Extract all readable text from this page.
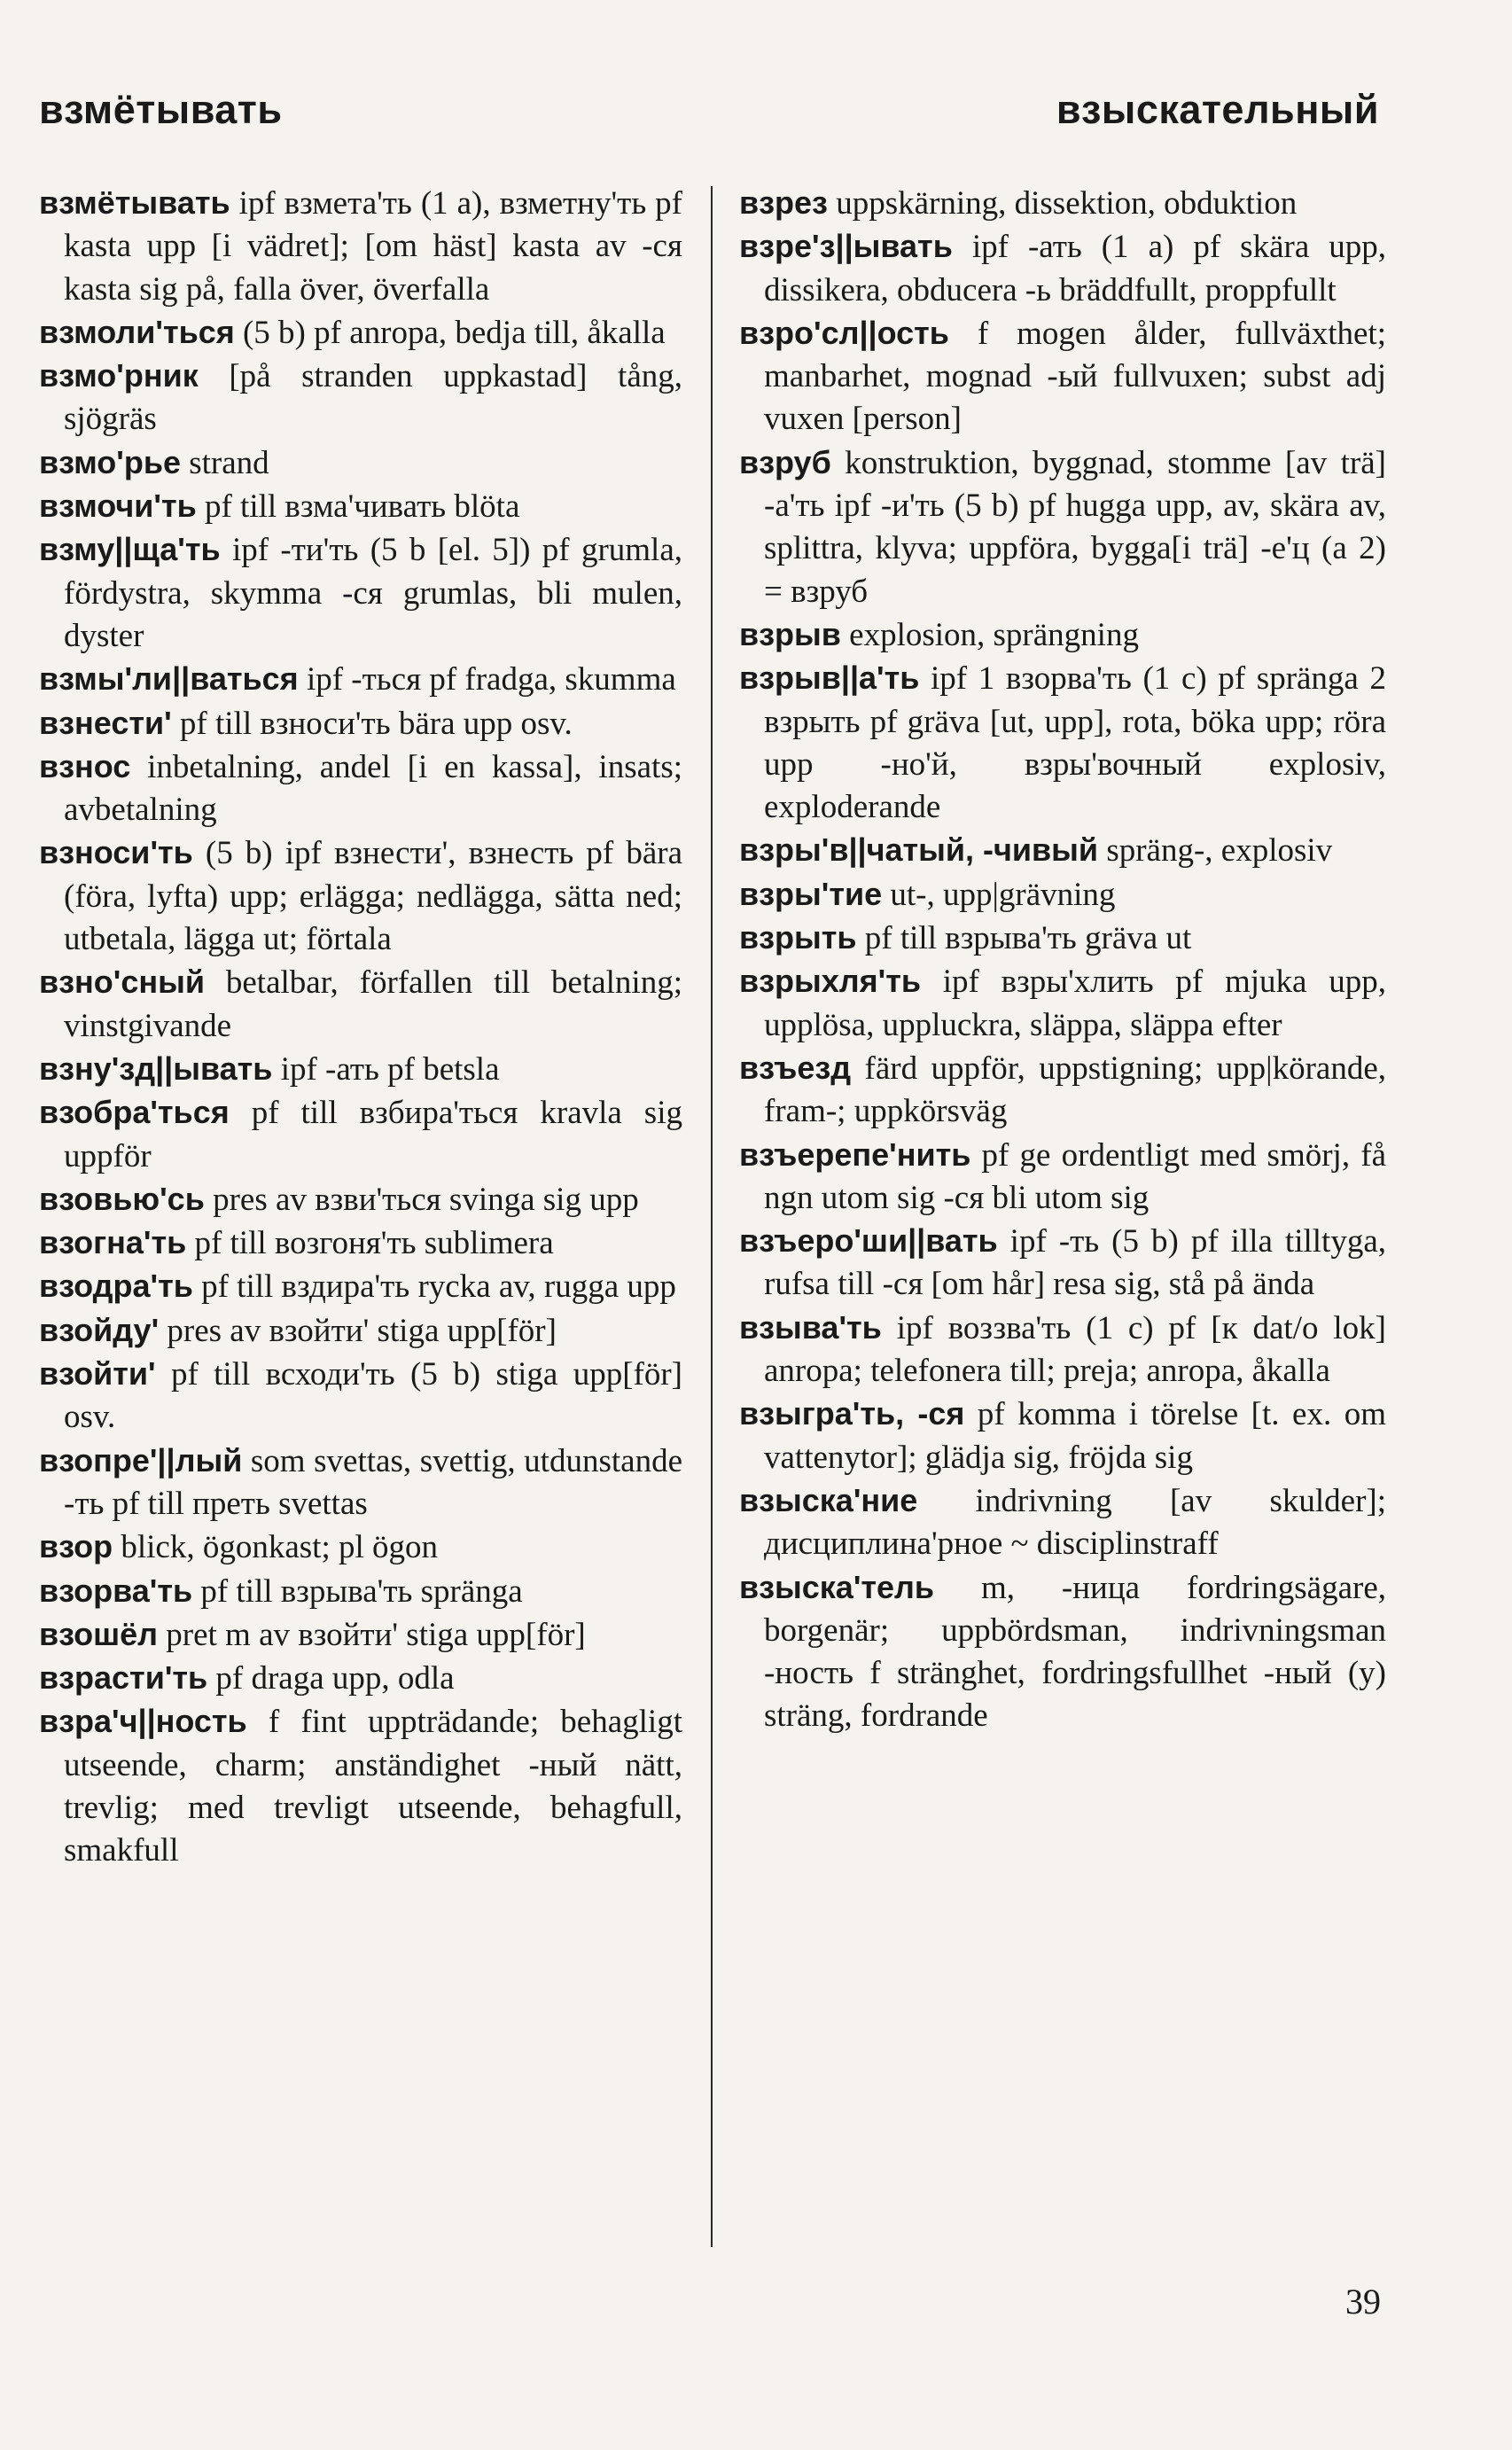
взмётывать	взыскательный

взмётывать ipf взмета'ть (1 a), взметну'ть pf kasta upp [i vädret]; [om häst] kasta av -ся kasta sig på, falla över, överfalla

взмоли'ться (5 b) pf anropa, bedja till, åkalla

взмо'рник [på stranden uppkastad] tång, sjögräs

взмо'рье strand

взмочи'ть pf till взма'чивать blöta

взму||ща'ть ipf -ти'ть (5 b [el. 5]) pf grumla, fördystra, skymma -ся grumlas, bli mulen, dyster

взмы'ли||ваться ipf -ться pf fradga, skumma

взнести' pf till взноси'ть bära upp osv.

взнос inbetalning, andel [i en kassa], insats; avbetalning

взноси'ть (5 b) ipf взнести', взнесть pf bära (föra, lyfta) upp; erlägga; nedlägga, sätta ned; utbetala, lägga ut; förtala

взно'сный betalbar, förfallen till betalning; vinstgivande

взну'зд||ывать ipf -ать pf betsla

взобра'ться pf till взбира'ться kravla sig uppför

взовью'сь pres av взви'ться svinga sig upp

взогна'ть pf till возгоня'ть sublimera

взодра'ть pf till вздира'ть rycka av, rugga upp

взойду' pres av взойти' stiga upp[för]

взойти' pf till всходи'ть (5 b) stiga upp[för] osv.

взопре'||лый som svettas, svettig, utdunstande -ть pf till преть svettas

взор blick, ögonkast; pl ögon

взорва'ть pf till взрыва'ть spränga

взошёл pret m av взойти' stiga upp[för]

взрасти'ть pf draga upp, odla

взра'ч||ность f fint uppträdande; behagligt utseende, charm; anständighet -ный nätt, trevlig; med trevligt utseende, behagfull, smakfull

взрез uppskärning, dissektion, obduktion

взре'з||ывать ipf -ать (1 a) pf skära upp, dissikera, obducera -ь bräddfullt, proppfullt

взро'сл||ость f mogen ålder, fullväxthet; manbarhet, mognad -ый fullvuxen; subst adj vuxen [person]

взруб konstruktion, byggnad, stomme [av trä] -а'ть ipf -и'ть (5 b) pf hugga upp, av, skära av, splittra, klyva; uppföra, bygga[i trä] -е'ц (a 2) = взруб

взрыв explosion, sprängning

взрыв||а'ть ipf 1 взорва'ть (1 c) pf spränga 2 взрыть pf gräva [ut, upp], rota, böka upp; röra upp -но'й, взры'вочный explosiv, exploderande

взры'в||чатый, -чивый spräng-, explosiv

взры'тие ut-, upp|grävning

взрыть pf till взрыва'ть gräva ut

взрыхля'ть ipf взры'хлить pf mjuka upp, upplösa, uppluckra, släppa, släppa efter

взъезд färd uppför, uppstigning; upp|körande, fram-; uppkörsväg

взъерепе'нить pf ge ordentligt med smörj, få ngn utom sig -ся bli utom sig

взъеро'ши||вать ipf -ть (5 b) pf illa tilltyga, rufsa till -ся [om hår] resa sig, stå på ända

взыва'ть ipf воззва'ть (1 c) pf [к dat/o lok] anropa; telefonera till; preja; anropa, åkalla

взыгра'ть, -ся pf komma i törelse [t. ex. om vattenytor]; glädja sig, fröjda sig

взыска'ние indrivning [av skulder]; дисциплина'рное ~ disciplinstraff

взыска'тель m, -ница fordringsägare, borgenär; uppbördsman, indrivningsman -ность f stränghet, fordringsfullhet -ный (y) sträng, fordrande

39
